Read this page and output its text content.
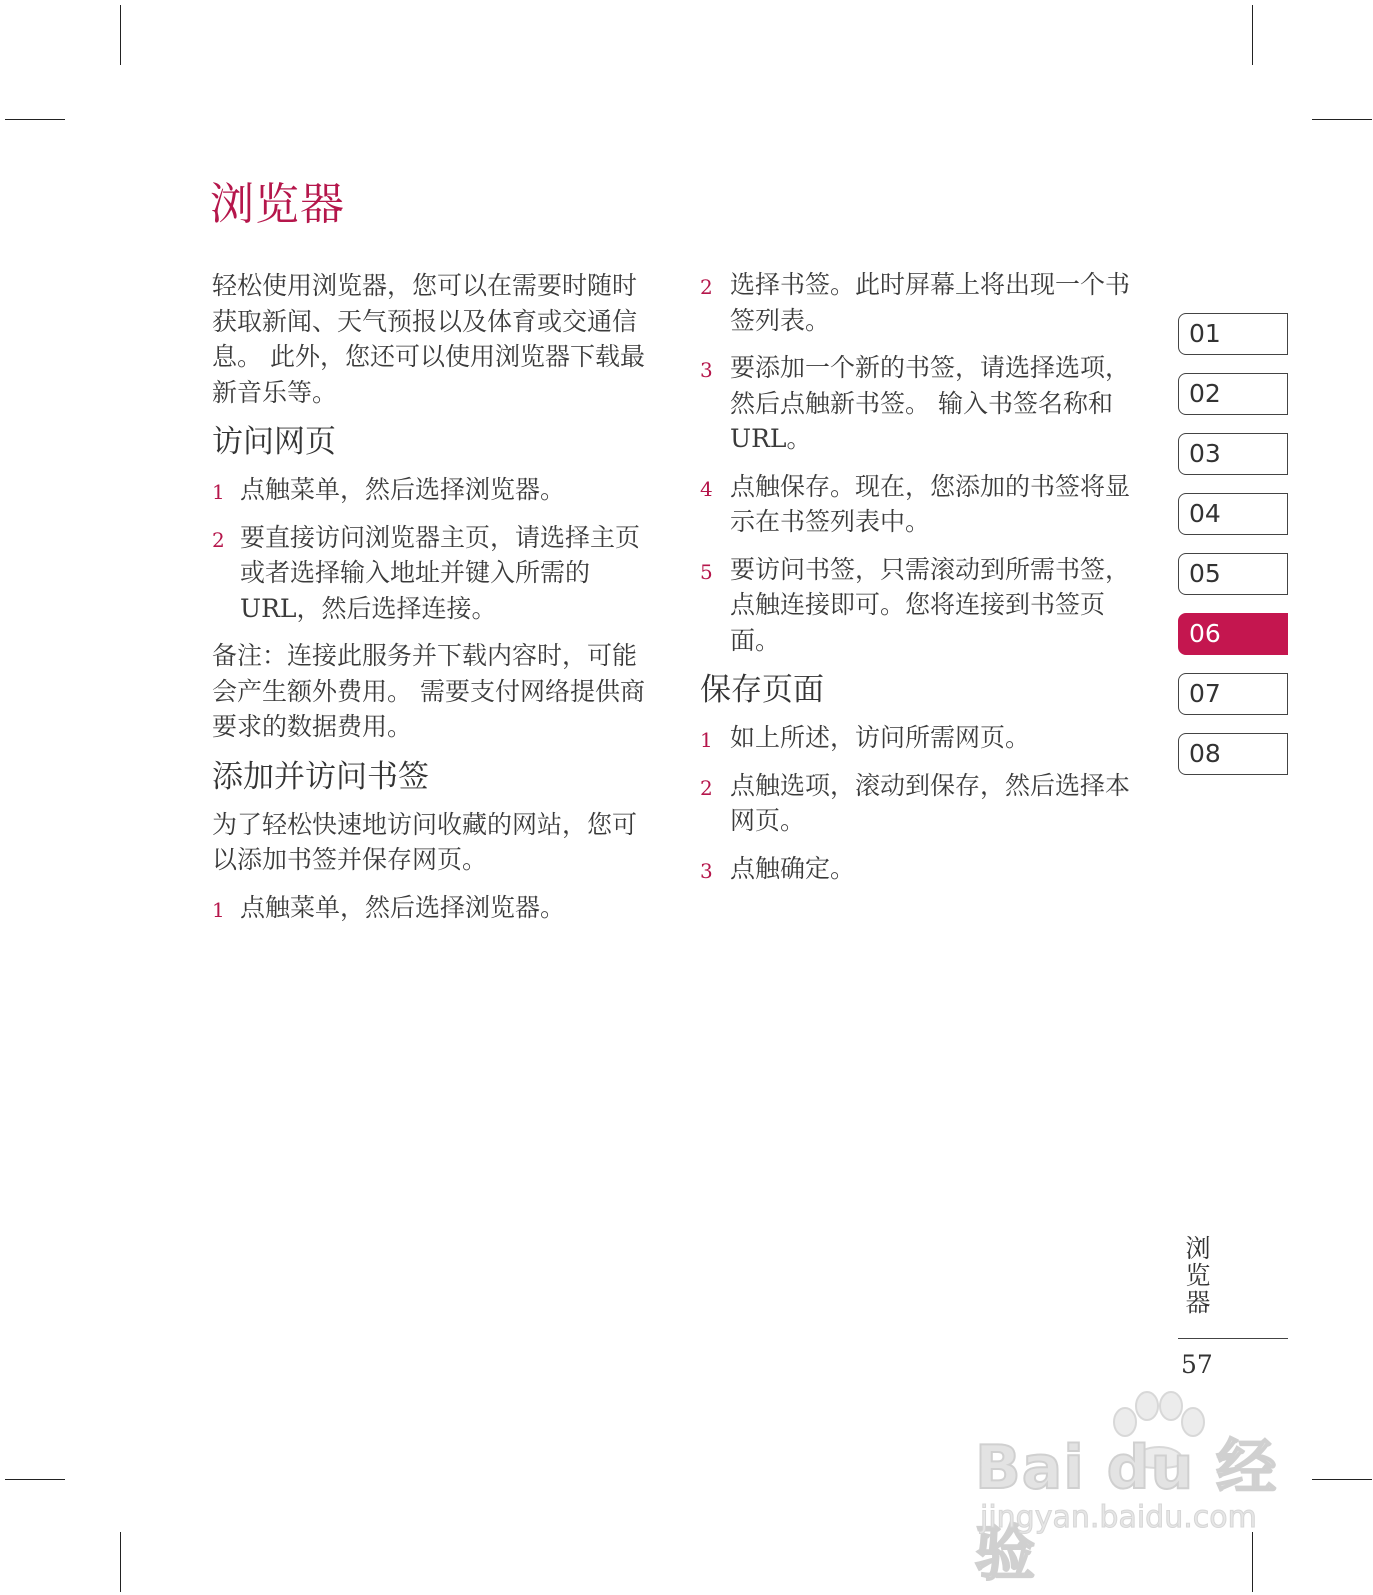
浏览器

轻松使用浏览器，您可以在需要时随时获取新闻、天气预报以及体育或交通信息。 此外，您还可以使用浏览器下载最新音乐等。

访问网页
1 点触菜单，然后选择浏览器。
2 要直接访问浏览器主页，请选择主页或者选择输入地址并键入所需的URL，然后选择连接。

备注：连接此服务并下载内容时，可能会产生额外费用。 需要支付网络提供商要求的数据费用。

添加并访问书签

为了轻松快速地访问收藏的网站，您可以添加书签并保存网页。

1 点触菜单，然后选择浏览器。
2 选择书签。此时屏幕上将出现一个书签列表。
3 要添加一个新的书签，请选择选项，然后点触新书签。 输入书签名称和 URL。
4 点触保存。现在，您添加的书签将显示在书签列表中。
5 要访问书签，只需滚动到所需书签，点触连接即可。您将连接到书签页面。
保存页面
1 如上所述，访问所需网页。
2 点触选项，滚动到保存，然后选择本网页。
3 点触确定。
01
02
03
04
05
06
07
08
浏览器
57
Bai du 经验
jingyan.baidu.com
